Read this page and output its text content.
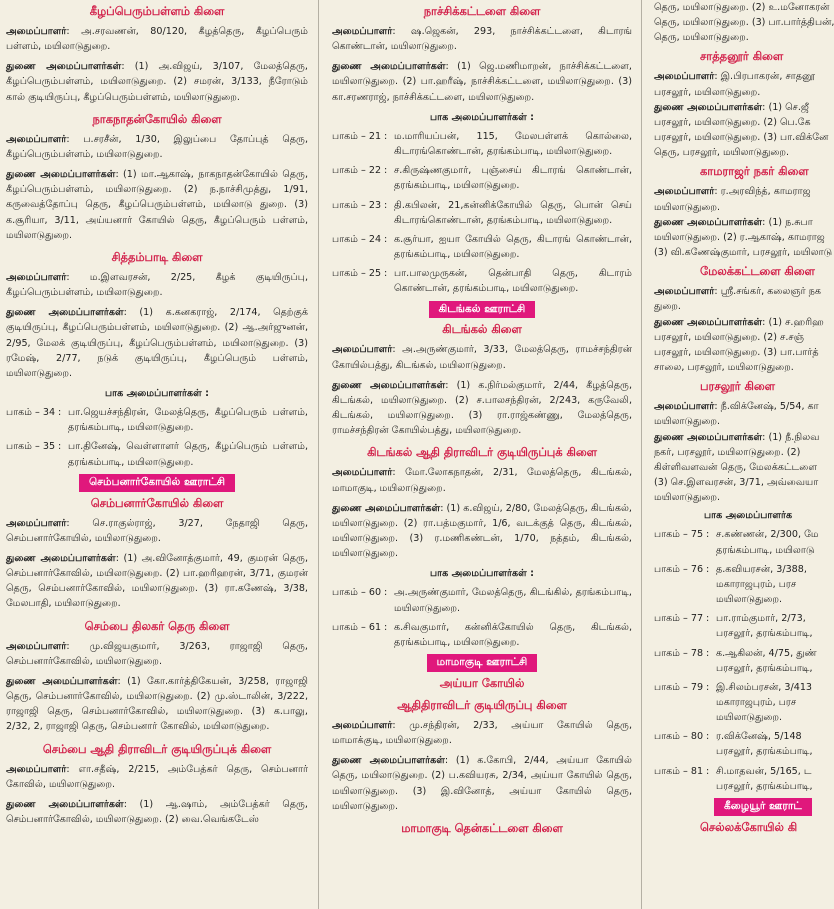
கீழப்பெரும்பள்ளம் கிளை

அமைப்பாளர்: அ.சரவணன், 80/120, கீழத்தெரு, கீழப்பெரும் பள்ளம், மயிலாடுதுறை.

துணை அமைப்பாளர்கள்: (1) அ.விஜய், 3/107, மேலத்தெரு, கீழப்பெரும்பள்ளம், மயிலாடுதுறை. (2) சமரன், 3/133, நீரோடும் கால் குடியிருப்பு, கீழப்பெரும்பள்ளம், மயிலாடுதுறை.

நாகநாதன்கோயில் கிளை

அமைப்பாளர்: ப.சரசீன், 1/30, இலுப்பை தோப்புத் தெரு, கீழப்பெரும்பள்ளம், மயிலாடுதுறை.

துணை அமைப்பாளர்கள்: (1) மா.ஆகாஷ், நாகநாதன்கோயில் தெரு, கீழப்பெரும்பள்ளம், மயிலாடுதுறை. (2) ந.நாச்சிமுத்து, 1/91, கருவைத்தோப்பு தெரு, கீழப்பெரும்பள்ளம், மயிலாடு துறை. (3) க.சூரியா, 3/11, அய்யனார் கோயில் தெரு, கீழப்பெரும் பள்ளம், மயிலாடுதுறை.

சித்தம்பாடி கிளை

அமைப்பாளர்: ம.இளவரசன், 2/25, கீழக் குடியிருப்பு, கீழப்பெரும்பள்ளம், மயிலாடுதுறை.

துணை அமைப்பாளர்கள்: (1) க.கனகராஜ், 2/174, தெற்குக் குடியிருப்பு, கீழப்பெரும்பள்ளம், மயிலாடுதுறை. (2) ஆ.அர்ஜுனன், 2/95, மேலக் குடியிருப்பு, கீழப்பெரும்பள்ளம், மயிலாடுதுறை. (3) ரமேஷ், 2/77, நடுக் குடியிருப்பு, கீழப்பெரும் பள்ளம், மயிலாடுதுறை.

பாக அமைப்பாளர்கள் :
பாகம் – 34 : பா.ஜெயச்சந்திரன், மேலத்தெரு, கீழப்பெரும் பள்ளம், தரங்கம்பாடி, மயிலாடுதுறை.
பாகம் – 35 : பா.தினேஷ், வெள்ளாளர் தெரு, கீழப்பெரும் பள்ளம், தரங்கம்பாடி, மயிலாடுதுறை.
செம்பனார்கோயில் ஊராட்சி
செம்பனார்கோயில் கிளை

அமைப்பாளர்: செ.ராகுல்ராஜ், 3/27, நேதாஜி தெரு, செம்பனார்கோயில், மயிலாடுதுறை.

துணை அமைப்பாளர்கள்: (1) அ.வினோத்குமார், 49, குமரன் தெரு, செம்பனார்கோவில், மயிலாடுதுறை. (2) பா.ஹரிஹரன், 3/71, குமரன் தெரு, செம்பனார்கோவில், மயிலாடுதுறை. (3) ரா.கணேஷ், 3/38, மேலபாதி, மயிலாடுதுறை.

செம்பை திலகர் தெரு கிளை

அமைப்பாளர்: மு.விஜயகுமார், 3/263, ராஜாஜி தெரு, செம்பனார்கோவில், மயிலாடுதுறை.

துணை அமைப்பாளர்கள்: (1) கோ.கார்த்திகேயன், 3/258, ராஜாஜி தெரு, செம்பனார்கோவில், மயிலாடுதுறை. (2) மு.ஸ்டாலின், 3/222, ராஜாஜி தெரு, செம்பனார்கோவில், மயிலாடுதுறை. (3) க.பாலு, 2/32, 2, ராஜாஜி தெரு, செம்பனார் கோவில், மயிலாடுதுறை.

செம்பை ஆதி திராவிடர் குடியிருப்புக் கிளை

அமைப்பாளர்: எா.சதீஷ், 2/215, அம்பேத்கர் தெரு, செம்பனார் கோவில், மயிலாடுதுறை.

துணை அமைப்பாளர்கள்: (1) ஆ.ஷாம், அம்பேத்கர் தெரு, செம்பனார்கோவில், மயிலாடுதுறை. (2) வை.வெங்கடேஸ்

நாச்சிக்கட்டளை கிளை

அமைப்பாளர்: ஷ.ஜெகன், 293, நாச்சிக்கட்டளை, கிடாரங் கொண்டான், மயிலாடுதுறை.

துணை அமைப்பாளர்கள்: (1) ஜெ.மணிமாறன், நாச்சிக்கட்டளை, மயிலாடுதுறை. (2) பா.ஹரீஷ், நாச்சிக்கட்டளை, மயிலாடுதுறை. (3) கா.சரணராஜ், நாச்சிக்கட்டளை, மயிலாடுதுறை.

பாக அமைப்பாளர்கள் :
பாகம் – 21 : ம.மாரியப்பன், 115, மேலபள்ளக் கொல்லை, கிடாரங்கொண்டான், தரங்கம்பாடி, மயிலாடுதுறை.
பாகம் – 22 : ச.கிருஷ்ணகுமார், புஞ்சைய் கிடாரங் கொண்டான், தரங்கம்பாடி, மயிலாடுதுறை.
பாகம் – 23 : தி.கபிலன், 21,கன்னிக்கோயில் தெரு, பொன் செய் கிடாரங்கொண்டான், தரங்கம்பாடி, மயிலாடுதுறை.
பாகம் – 24 : க.சூர்யா, ஐயா கோயில் தெரு, கிடாரங் கொண்டான், தரங்கம்பாடி, மயிலாடுதுறை.
பாகம் – 25 : பா.பாலமுருகன், தென்பாதி தெரு, கிடாரம் கொண்டான், தரங்கம்பாடி, மயிலாடுதுறை.
கிடங்கல் ஊராட்சி
கிடங்கல் கிளை

அமைப்பாளர்: அ.அருண்குமார், 3/33, மேலத்தெரு, ராமச்சந்திரன் கோயில்பத்து, கிடங்கல், மயிலாடுதுறை.

துணை அமைப்பாளர்கள்: (1) க.நிர்மல்குமார், 2/44, கீழத்தெரு, கிடங்கல், மயிலாடுதுறை. (2) ச.பாலசந்திரன், 2/243, கருவேலி, கிடங்கல், மயிலாடுதுறை. (3) ரா.ராஜ்கண்ணு, மேலத்தெரு, ராமச்சந்திரன் கோயில்பத்து, மயிலாடுதுறை.

கிடங்கல் ஆதி திராவிடர் குடியிருப்புக் கிளை

அமைப்பாளர்: மோ.லோகநாதன், 2/31, மேலத்தெரு, கிடங்கல், மாமாகுடி, மயிலாடுதுறை.

துணை அமைப்பாளர்கள்: (1) க.விஜய், 2/80, மேலத்தெரு, கிடங்கல், மயிலாடுதுறை. (2) ரா.பத்மகுமார், 1/6, வடக்குத் தெரு, கிடங்கல், மயிலாடுதுறை. (3) ர.மணிகண்டன், 1/70, நத்தம், கிடங்கல், மயிலாடுதுறை.

பாக அமைப்பாளர்கள் :
பாகம் – 60 : அ.அருண்குமார், மேலத்தெரு, கிடங்கில், தரங்கம்பாடி, மயிலாடுதுறை.
பாகம் – 61 : க.சிவகுமார், கன்னிக்கோயில் தெரு, கிடங்கல், தரங்கம்பாடி, மயிலாடுதுறை.
மாமாகுடி ஊராட்சி
அய்யா கோயில்
ஆதிதிராவிடர் குடியிருப்பு கிளை

அமைப்பாளர்: மு.சந்திரன், 2/33, அய்யா கோயில் தெரு, மாமாக்குடி, மயிலாடுதுறை.

துணை அமைப்பாளர்கள்: (1) க.கோபி, 2/44, அய்யா கோயில் தெரு, மயிலாடுதுறை. (2) ப.கவியரசு, 2/34, அய்யா கோயில் தெரு, மயிலாடுதுறை. (3) இ.வினோத், அய்யா கோயில் தெரு, மயிலாடுதுறை.

மாமாகுடி தென்கட்டளை கிளை
தெரு, மயிலாடுதுறை. (2) உ.மனோகரன்
தெரு, மயிலாடுதுறை. (3) பா.பார்த்திபன்,
தெரு, மயிலாடுதுறை.
சாத்தனூர் கிளை
அமைப்பாளர்: இ.பிரபாகரன், சாதனூ
பரசலூர், மயிலாடுதுறை.
துணை அமைப்பாளர்கள்: (1) செ.ஜீ
பரசலூர், மயிலாடுதுறை. (2) பெ.கே
பரசலூர், மயிலாடுதுறை. (3) பா.விக்னே
தெரு, பரசலூர், மயிலாடுதுறை.
காமராஜர் நகர் கிளை
அமைப்பாளர்: ர.அரவிந்த், காமராஜ
மயிலாடுதுறை.
துணை அமைப்பாளர்கள்: (1) ந.சுபா
மயிலாடுதுறை. (2) ர.ஆகாஷ், காமராஜ
(3) வி.கணேஷ்குமார், பரசலூர், மயிலாடு
மேலக்கட்டளை கிளை
அமைப்பாளர்: ஸ்ரீ.சங்கர், கலைஞர் நக
துறை.
துணை அமைப்பாளர்கள்: (1) ச.ஹரிஹ
பரசலூர், மயிலாடுதுறை. (2) ச.சஞ்
பரசலூர், மயிலாடுதுறை. (3) பா.பார்த்
சாலை, பரசலூர், மயிலாடுதுறை.
பரசலூர் கிளை
அமைப்பாளர்: நீ.விக்னேஷ், 5/54, கா
மயிலாடுதுறை.
துணை அமைப்பாளர்கள்: (1) நீ.நிலவ
நகர், பரசலூர், மயிலாடுதுறை. (2)
கிள்ளிவளவன் தெரு, மேலக்கட்டளை
(3) செ.இளவரசன், 3/71, அவ்வையா
மயிலாடுதுறை.
பாக அமைப்பாளர்க
பாகம் – 75 : ச.கண்ணன், 2/300, மே
தரங்கம்பாடி, மயிலாடு
பாகம் – 76 : த.கவியரசன், 3/388,
மகாராஜபுரம், பரச
மயிலாடுதுறை.
பாகம் – 77 : பா.ராம்குமார், 2/73,
பரசலூர், தரங்கம்பாடி,
பாகம் – 78 : க.ஆகிலன், 4/75, துண்
பரசலூர், தரங்கம்பாடி,
பாகம் – 79 : இ.சிலம்பரசன், 3/413
மகாராஜபுரம், பரச
மயிலாடுதுறை.
பாகம் – 80 : ர.விக்னேஷ், 5/148
பரசலூர், தரங்கம்பாடி,
பாகம் – 81 : சி.மாதவன், 5/165, ட
பரசலூர், தரங்கம்பாடி,
கீழையூர் ஊராட்
செல்லக்கோயில் கி
